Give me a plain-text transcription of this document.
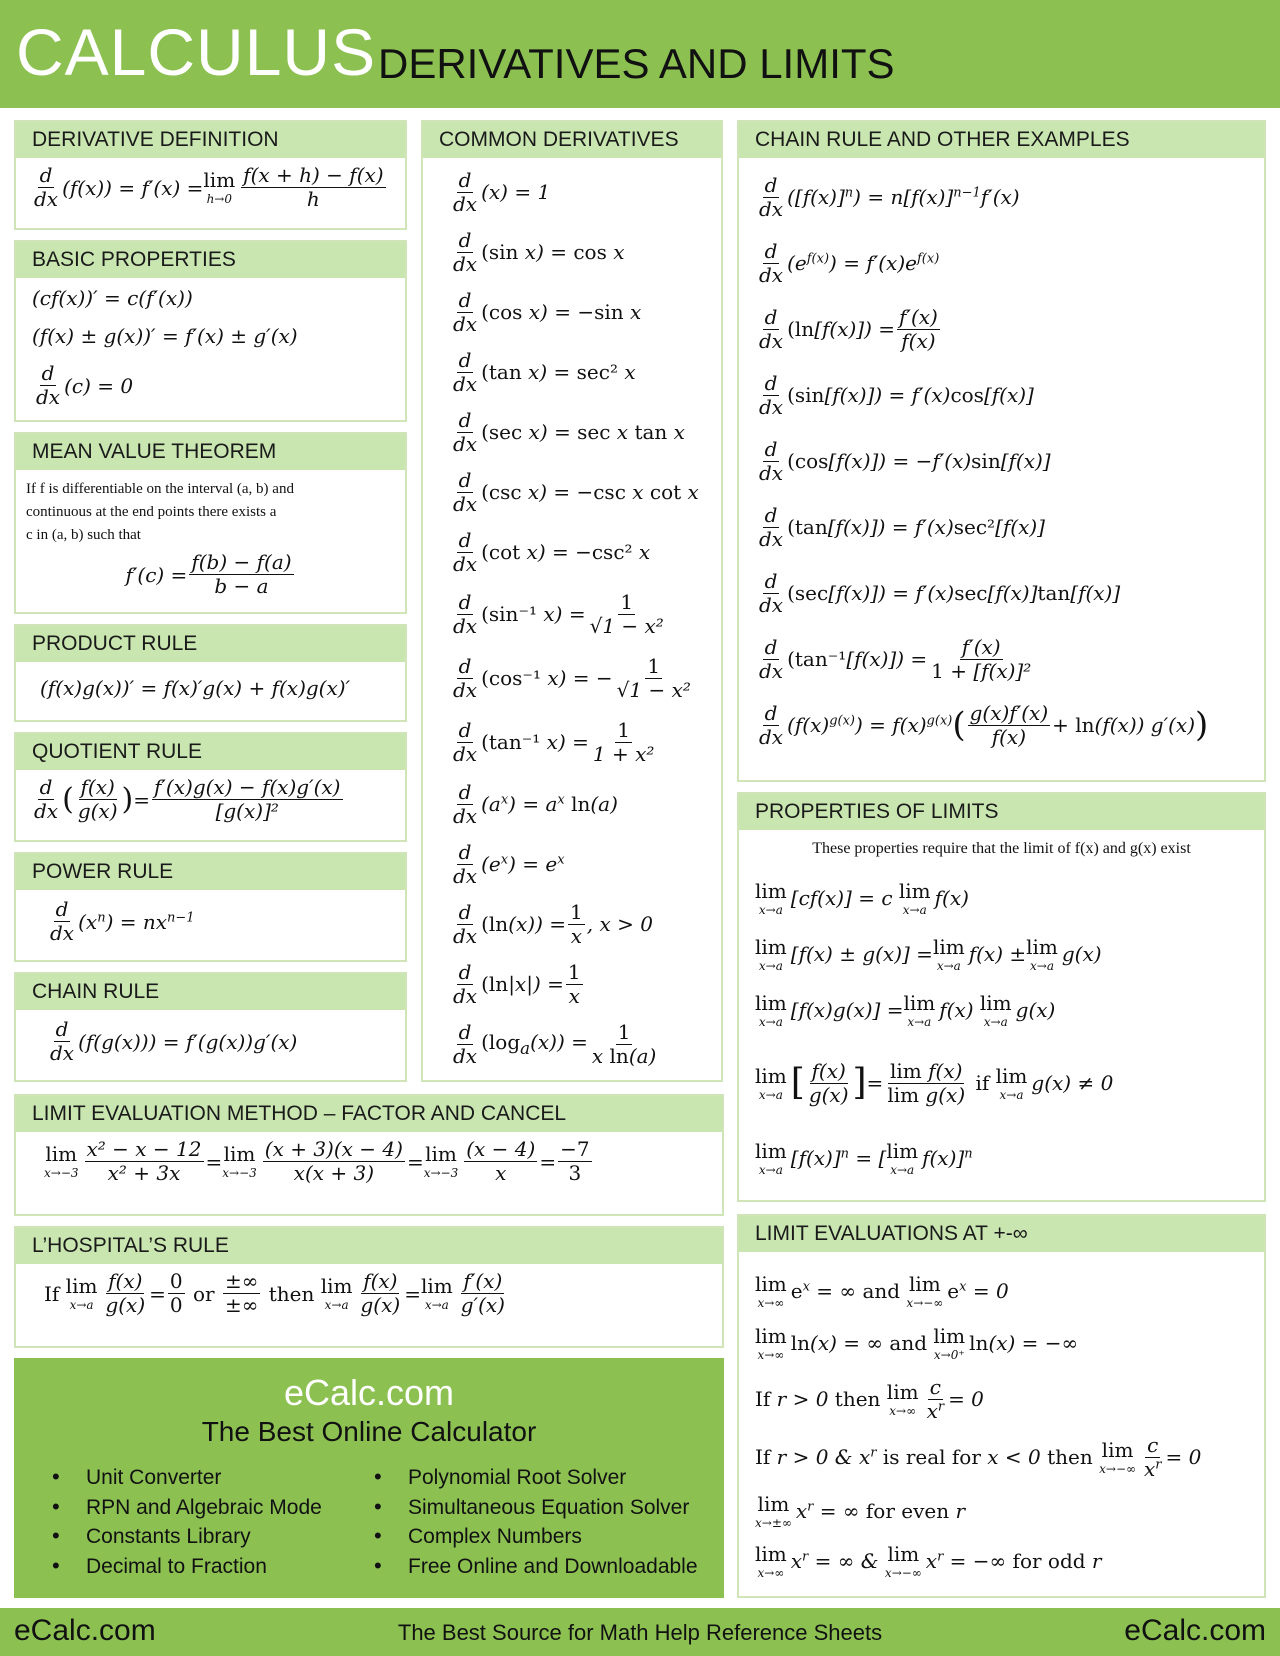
CALCULUS DERIVATIVES AND LIMITS
DERIVATIVE DEFINITION
$\frac{d}{dx} (f(x)) = f'(x) = \lim$
$h\to 0 \frac{f(x + h) - f(x)}{h}$
BASIC PROPERTIES
(cf(x))′ = c(f′(x))
(f(x) ± g(x))′ = f′(x) ± g′(x)
$\frac{d}{dx} (c) = 0$
MEAN VALUE THEOREM
If f is differentiable on the interval (a, b) and
continuous at the end points there exists a
c in (a, b) such that
$f'(c) = \frac{f(b) - f(a)}{b - a}$
PRODUCT RULE
(f(x)g(x))′ = f(x)′g(x) + f(x)g(x)′
QUOTIENT RULE
$\frac{d}{dx}$ ( $\frac{f(x)}{g(x)}$ ) = $\frac{f'(x)g(x) - f(x)g'(x)}{\text{[g(x)]²}}$
POWER RULE
$\frac{d}{dx} (x^n) = nx^{n-1}$
CHAIN RULE
$\frac{d}{dx} (f(g(x))) = f'(g(x))g'(x)$
COMMON DERIVATIVES
$\frac{d}{dx} (x) = 1$
$\frac{d}{dx} (\sin$ x) = cos x
$\frac{d}{dx} (\cos$ x) = −sin x
$\frac{d}{dx} (\tan$ x) = sec² x
$\frac{d}{dx} (\sec$ x) = sec x tan x
$\frac{d}{dx} (\csc$ x) = −csc x cot x
$\frac{d}{dx} (\cot$ x) = −csc² x
$\frac{d}{dx} (\sin^{-1}$ $x) = \frac{1}{\text{√1 − x²}}$
$\frac{d}{dx} (\cos^{-1}$ x) = − $\frac{1}{\text{√1 − x²}}$
$\frac{d}{dx} (\tan^{-1}$ $x) = \frac{1}{\text{1 + x²}}$
$\frac{d}{dx} (a^x) = a^x$ ln(a)
$\frac{d}{dx} (e^x) = e^x$
$\frac{d}{dx} (\ln(x)) = \frac{1}{x}$ , x > 0
$\frac{d}{dx} (\ln|x|) = \frac{1}{x}$
$\frac{d}{dx} (\log_a(x)) = \frac{1}{\text{x ln(a)}}$
LIMIT EVALUATION METHOD – FACTOR AND CANCEL
lim
$x\to-3 \frac{\text{x² − x − 12}}{\text{x² + 3x}} = \lim$
$x\to-3 \frac{(x + 3)(x - 4)}{x(x + 3)} = \lim$
$x\to-3 \frac{(x - 4)}{x} = \frac{-7}{3}$
L’HOSPITAL’S RULE
If lim
$x\to a \frac{f(x)}{g(x)} = \frac{0}{0}$ or $\frac{\pm\infty}{\pm\infty}$ then lim
$x\to a \frac{f(x)}{g(x)} = \lim$
$x\to a \frac{f'(x)}{g'(x)}$
CHAIN RULE AND OTHER EXAMPLES
$\frac{d}{dx} ([f(x)]^n) = n[f(x)]^{n-1}f'(x)$
$\frac{d}{dx} (e^{f(x)}) = f'(x)e^{f(x)}$
$\frac{d}{dx} (\ln[f(x)]) = \frac{f'(x)}{f(x)}$
$\frac{d}{dx} (\sin[f(x)]) = f'(x)\cos[f(x)]$
$\frac{d}{dx} (\cos[f(x)]) = -f'(x)\sin[f(x)]$
$\frac{d}{dx} (\tan[f(x)]) = f'(x)\sec^2[f(x)]$
$\frac{d}{dx} (\sec[f(x)]) = f'(x)\sec[f(x)]\tan[f(x)]$
$\frac{d}{dx} (\tan^{-1}[f(x)]) = \frac{f'(x)}{\text{1 + [f(x)]²}}$
$\frac{d}{dx} (f(x)^{g(x)}) = f(x)^{g(x)}$ ( $\frac{g(x)f'(x)}{f(x)} + \ln(f(x))$ g′(x) )
PROPERTIES OF LIMITS
These properties require that the limit of f(x) and g(x) exist
lim
x→a [cf(x)] = c lim
x→a f(x)
lim
x→a [f(x) ± g(x)] = lim
x→a f(x) ± lim
x→a g(x)
lim
x→a [f(x)g(x)] = lim
x→a f(x) lim
x→a g(x)
lim
x→a [ $\frac{f(x)}{g(x)}$ ] = $\frac{\text{lim f(x)}}{\text{lim g(x)}}$ if lim
x→a g(x) ≠ 0
lim
x→a $[f(x)]^n$ = [ lim
x→a f(x)]$^n$
LIMIT EVALUATIONS AT +-∞
lim
x→∞ $e^x$ = ∞ and lim
x→−∞ $e^x = 0$
lim
x→∞ ln(x) = ∞ and lim
x→0⁺ ln(x) = −∞
If r > 0 then lim
$x\to\infty \frac{c}{x^r} = 0$
If r > 0 & $x^r$ is real for x < 0 then lim
$x\to-\infty \frac{c}{x^r} = 0$
lim
x→±∞ $x^r$ = ∞ for even r
lim
x→∞ $x^r$ = ∞ & lim
x→−∞ $x^r$ = −∞ for odd r
eCalc.com
The Best Online Calculator
• Unit Converter
• RPN and Algebraic Mode
• Constants Library
• Decimal to Fraction
• Polynomial Root Solver
• Simultaneous Equation Solver
• Complex Numbers
• Free Online and Downloadable
eCalc.com	The Best Source for Math Help Reference Sheets	eCalc.com
